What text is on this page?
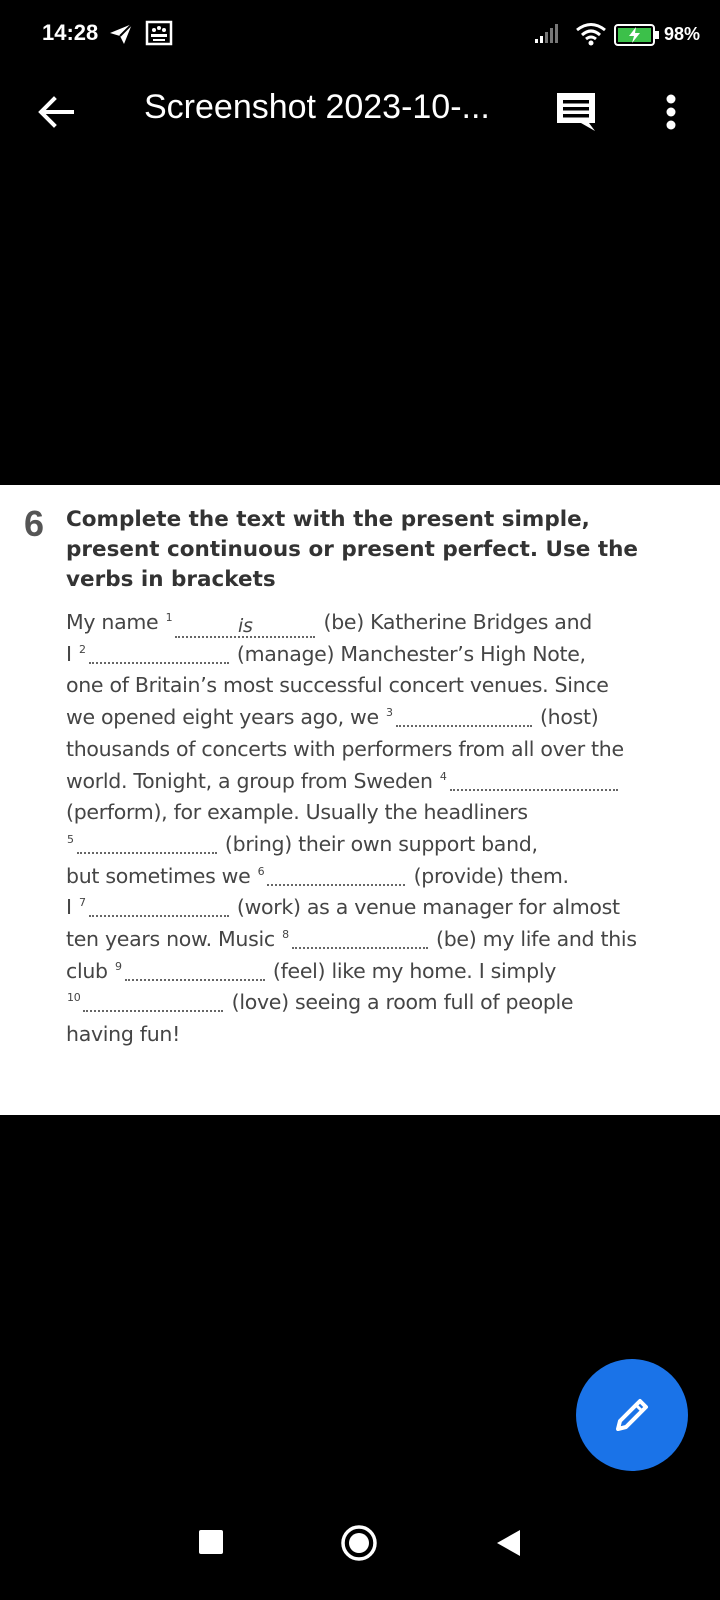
14:28	98%
Screenshot 2023-10-...
6 Complete the text with the present simple, present continuous or present perfect. Use the verbs in brackets
My name $^1$	is	(be) Katherine Bridges and
I $^2$	(manage) Manchester’s High Note,
one of Britain’s most successful concert venues. Since
we opened eight years ago, we $^3$	(host)
thousands of concerts with performers from all over the
world. Tonight, a group from Sweden $^4$
(perform), for example. Usually the headliners
$^5$	(bring) their own support band,
but sometimes we $^6$	(provide) them.
I $^7$	(work) as a venue manager for almost
ten years now. Music $^8$	(be) my life and this
club $^9$	(feel) like my home. I simply
$^{10}$	(love) seeing a room full of people
having fun!
